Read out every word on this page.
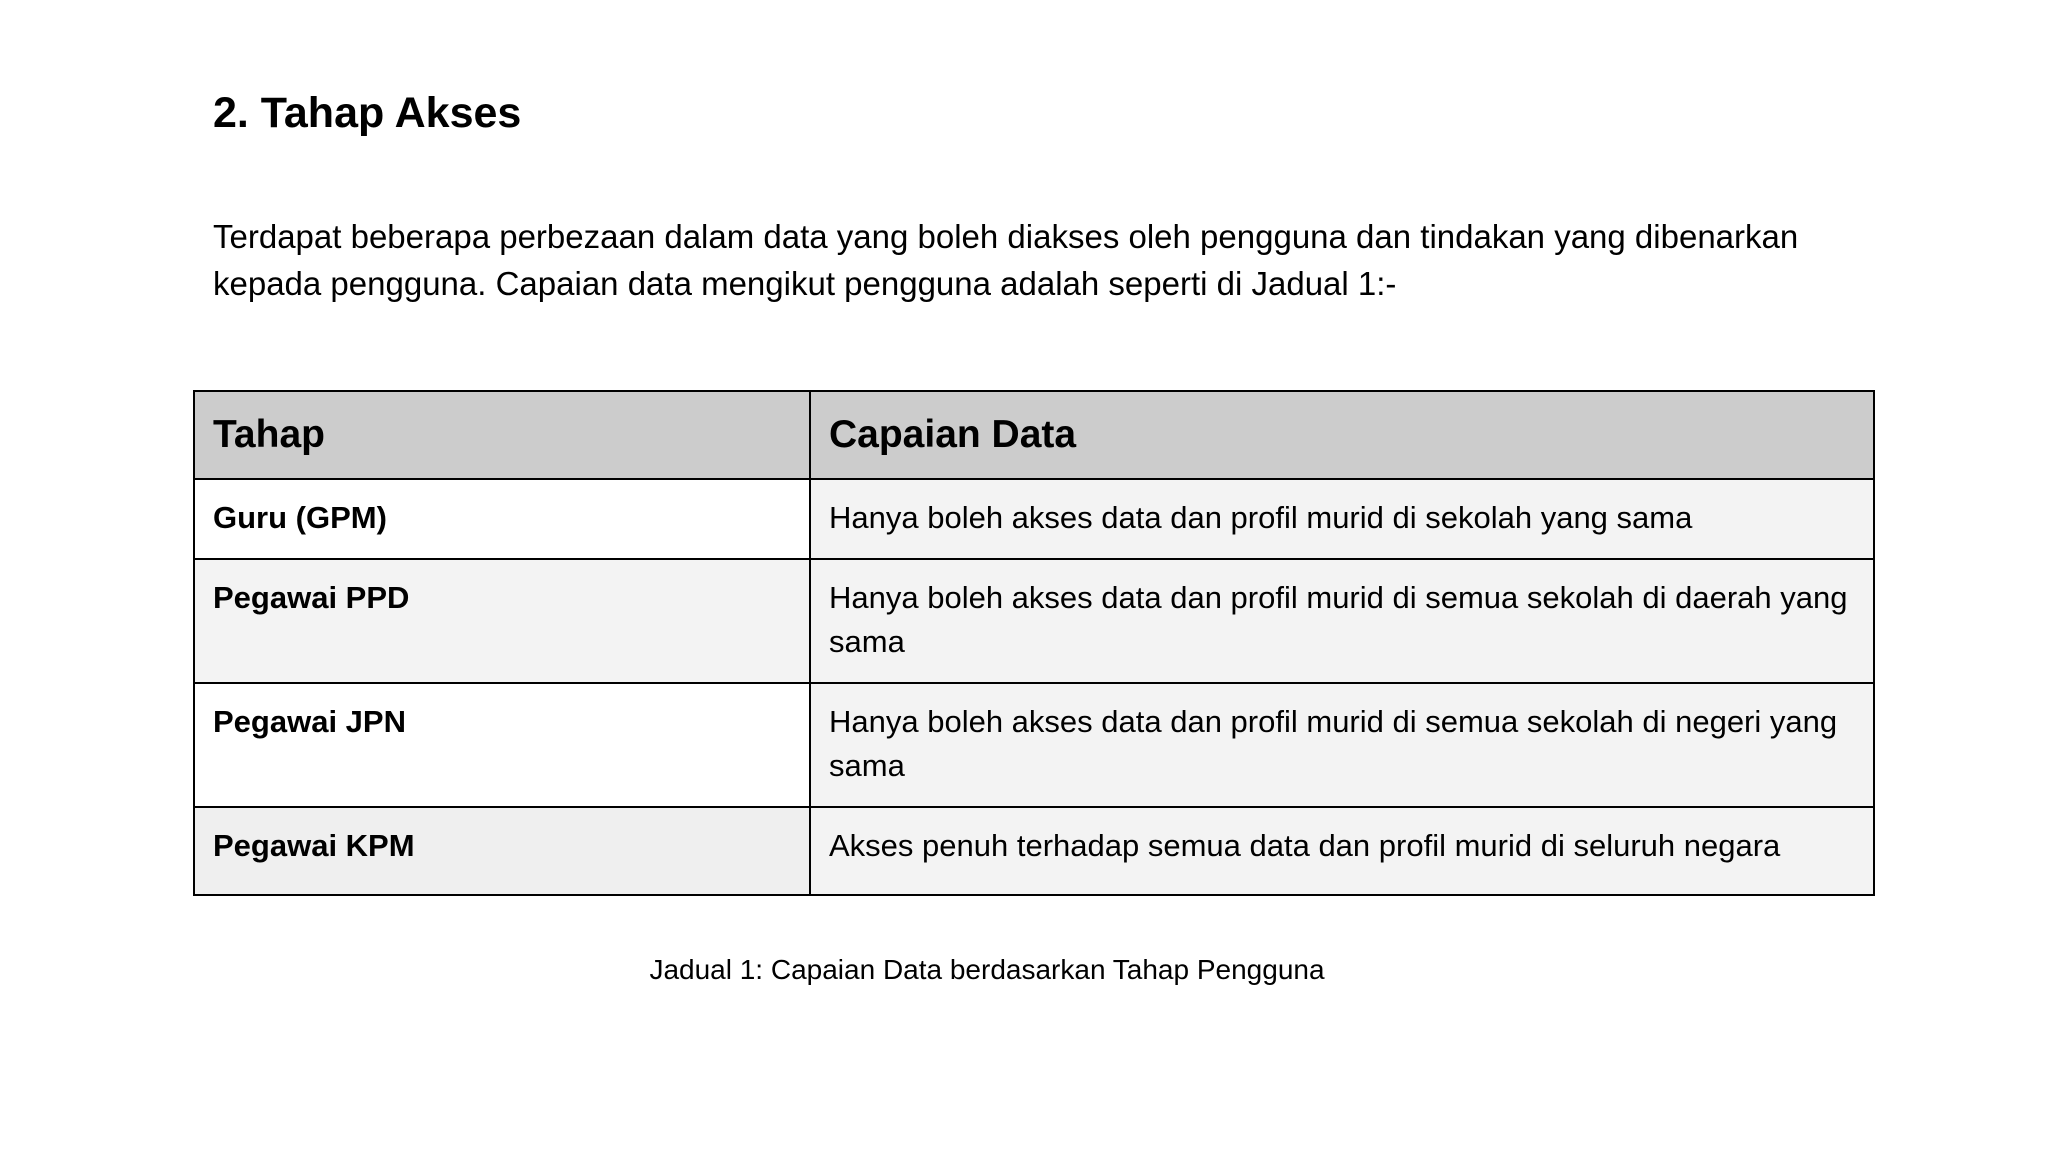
2. Tahap Akses

Terdapat beberapa perbezaan dalam data yang boleh diakses oleh pengguna dan tindakan yang dibenarkan kepada pengguna. Capaian data mengikut pengguna adalah seperti di Jadual 1:-

Tahap	Capaian Data
Guru (GPM)	Hanya boleh akses data dan profil murid di sekolah yang sama
Pegawai PPD	Hanya boleh akses data dan profil murid di semua sekolah di daerah yang sama
Pegawai JPN	Hanya boleh akses data dan profil murid di semua sekolah di negeri yang sama
Pegawai KPM	Akses penuh terhadap semua data dan profil murid di seluruh negara

Jadual 1: Capaian Data berdasarkan Tahap Pengguna
